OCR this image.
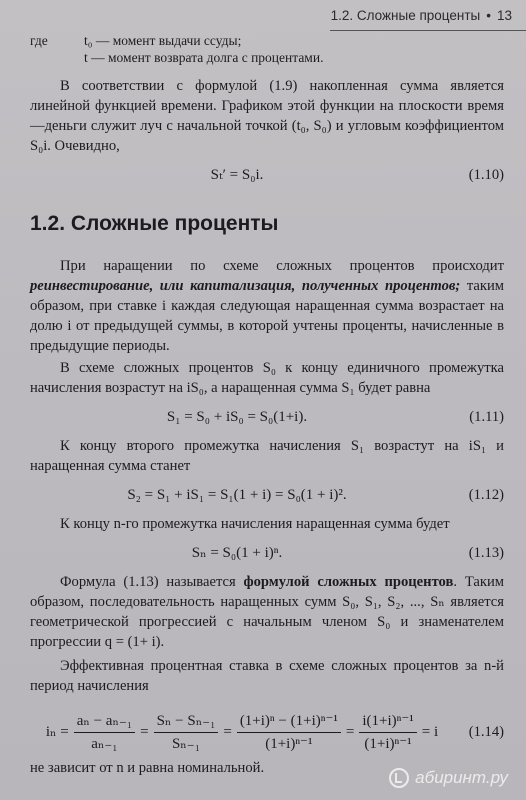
1.2. Сложные проценты • 13
где	t₀ — момент выдачи ссуды;
t — момент возврата долга с процентами.

В соответствии с формулой (1.9) накопленная сумма является линейной функцией времени. Графиком этой функции на плоскости время—деньги служит луч с начальной точкой (t₀, S₀) и угловым коэффициентом S₀i. Очевидно,

Sₜ′ = S₀i.	(1.10)
1.2. Сложные проценты

При наращении по схеме сложных процентов происходит реинвестирование, или капитализация, полученных процентов; таким образом, при ставке i каждая следующая наращенная сумма возрастает на долю i от предыдущей суммы, в которой учтены проценты, начисленные в предыдущие периоды.

В схеме сложных процентов S₀ к концу единичного промежутка начисления возрастут на iS₀, а наращенная сумма S₁ будет равна

S₁ = S₀ + iS₀ = S₀(1+i).	(1.11)

К концу второго промежутка начисления S₁ возрастут на iS₁ и наращенная сумма станет

S₂ = S₁ + iS₁ = S₁(1 + i) = S₀(1 + i)².	(1.12)

К концу n-го промежутка начисления наращенная сумма будет

Sₙ = S₀(1 + i)ⁿ.	(1.13)

Формула (1.13) называется формулой сложных процентов. Таким образом, последовательность наращенных сумм S₀, S₁, S₂, ..., Sₙ является геометрической прогрессией с начальным членом S₀ и знаменателем прогрессии q = (1+ i).

Эффективная процентная ставка в схеме сложных процентов за n-й период начисления

$i_n = \frac{\text{aₙ − aₙ₋₁}}{\text{aₙ₋₁}} = \frac{\text{Sₙ − Sₙ₋₁}}{\text{Sₙ₋₁}} = \frac{\text{(1+i)ⁿ − (1+i)ⁿ⁻¹}}{\text{(1+i)ⁿ⁻¹}} = \frac{\text{i(1+i)ⁿ⁻¹}}{\text{(1+i)ⁿ⁻¹}} = i$	(1.14)

не зависит от n и равна номинальной.	абиринт.ру
